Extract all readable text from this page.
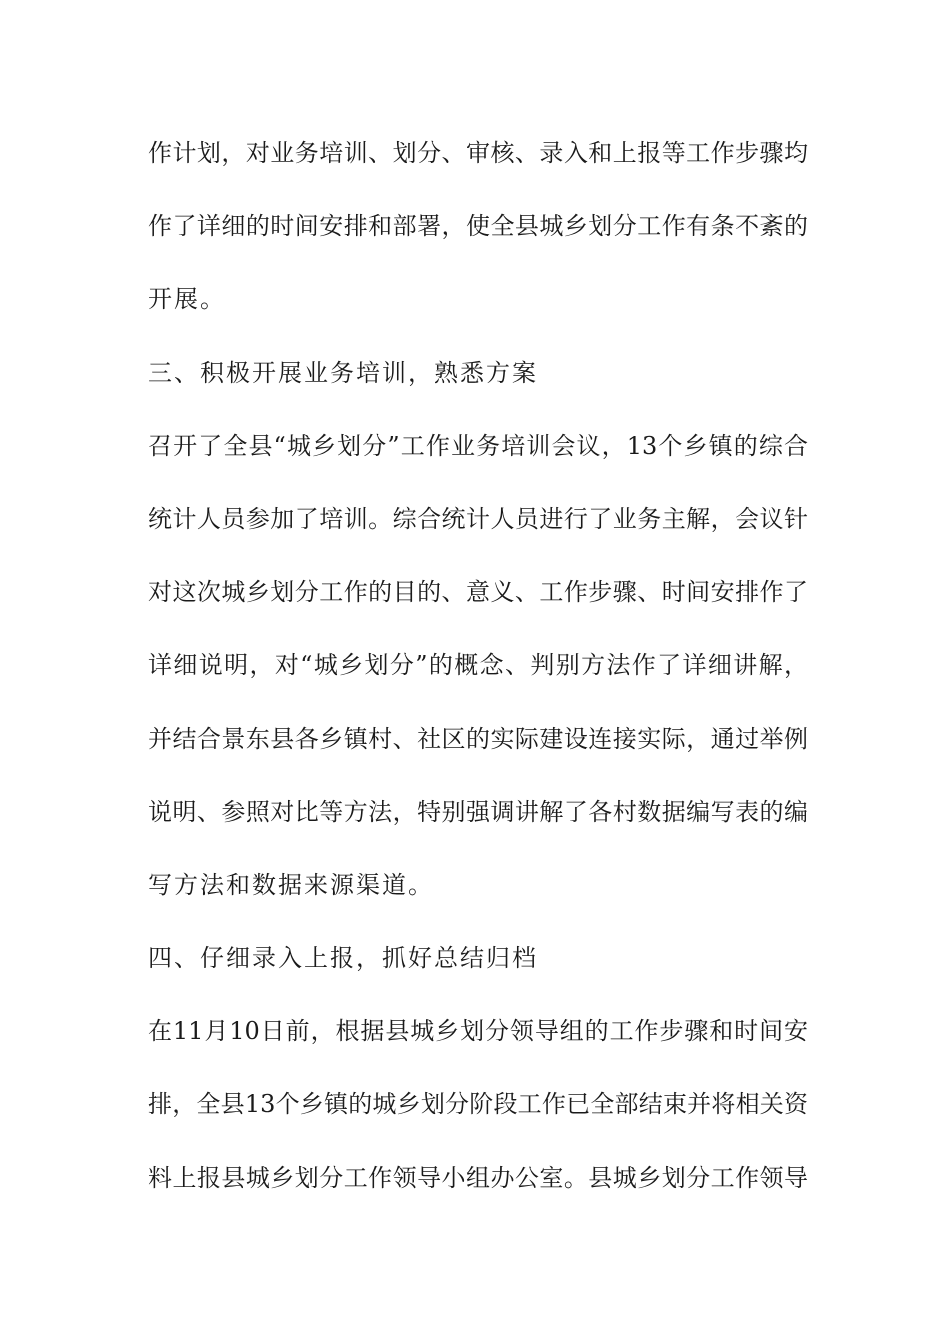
作计划，对业务培训、划分、审核、录入和上报等工作步骤均
作了详细的时间安排和部署，使全县城乡划分工作有条不紊的
开展。
三、积极开展业务培训，熟悉方案
召开了全县“城乡划分”工作业务培训会议，13个乡镇的综合
统计人员参加了培训。综合统计人员进行了业务主解，会议针
对这次城乡划分工作的目的、意义、工作步骤、时间安排作了
详细说明，对“城乡划分”的概念、判别方法作了详细讲解，
并结合景东县各乡镇村、社区的实际建设连接实际，通过举例
说明、参照对比等方法，特别强调讲解了各村数据编写表的编
写方法和数据来源渠道。
四、仔细录入上报，抓好总结归档
在11月10日前，根据县城乡划分领导组的工作步骤和时间安
排，全县13个乡镇的城乡划分阶段工作已全部结束并将相关资
料上报县城乡划分工作领导小组办公室。县城乡划分工作领导
